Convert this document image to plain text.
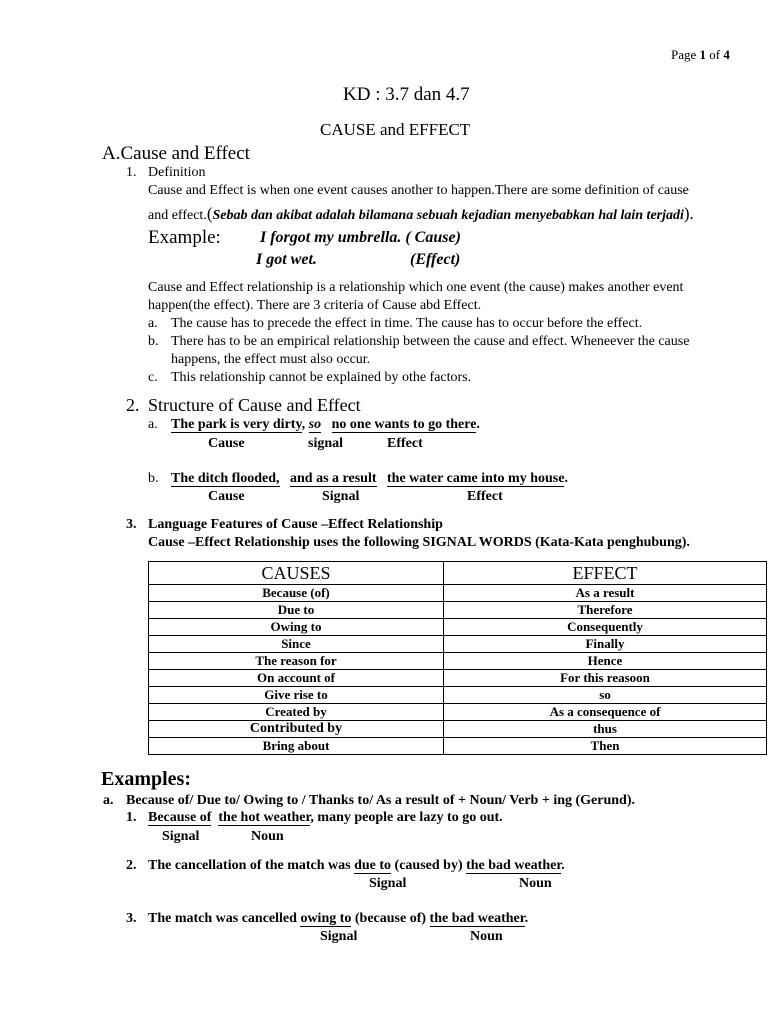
Page 1 of 4
KD : 3.7 dan 4.7
CAUSE and EFFECT
A.Cause and Effect
1. Definition
Cause and Effect is when one event causes another to happen.There are some definition of cause
and effect.(Sebab dan akibat adalah bilamana sebuah kejadian menyebabkan hal lain terjadi).
Example: I forgot my umbrella. ( Cause)
I got wet.	(Effect)
Cause and Effect relationship is a relationship which one event (the cause) makes another event
happen(the effect). There are 3 criteria of Cause abd Effect.
a. The cause has to precede the effect in time. The cause has to occur before the effect.
b. There has to be an empirical relationship between the cause and effect. Wheneever the cause
happens, the effect must also occur.
c. This relationship cannot be explained by othe factors.
2. Structure of Cause and Effect
a. The park is very dirty, so no one wants to go there.
Cause	signal	Effect
b. The ditch flooded, and as a result the water came into my house.
Cause	Signal	Effect
3. Language Features of Cause –Effect Relationship
Cause –Effect Relationship uses the following SIGNAL WORDS (Kata-Kata penghubung).
CAUSES	EFFECT
Because (of)	As a result
Due to	Therefore
Owing to	Consequently
Since	Finally
The reason for	Hence
On account of	For this reasoon
Give rise to	so
Created by	As a consequence of
Contributed by	thus
Bring about	Then
Examples:
a. Because of/ Due to/ Owing to / Thanks to/ As a result of + Noun/ Verb + ing (Gerund).
1. Because of the hot weather, many people are lazy to go out.
Signal	Noun
2. The cancellation of the match was due to (caused by) the bad weather.
Signal	Noun
3. The match was cancelled owing to (because of) the bad weather.
Signal	Noun
